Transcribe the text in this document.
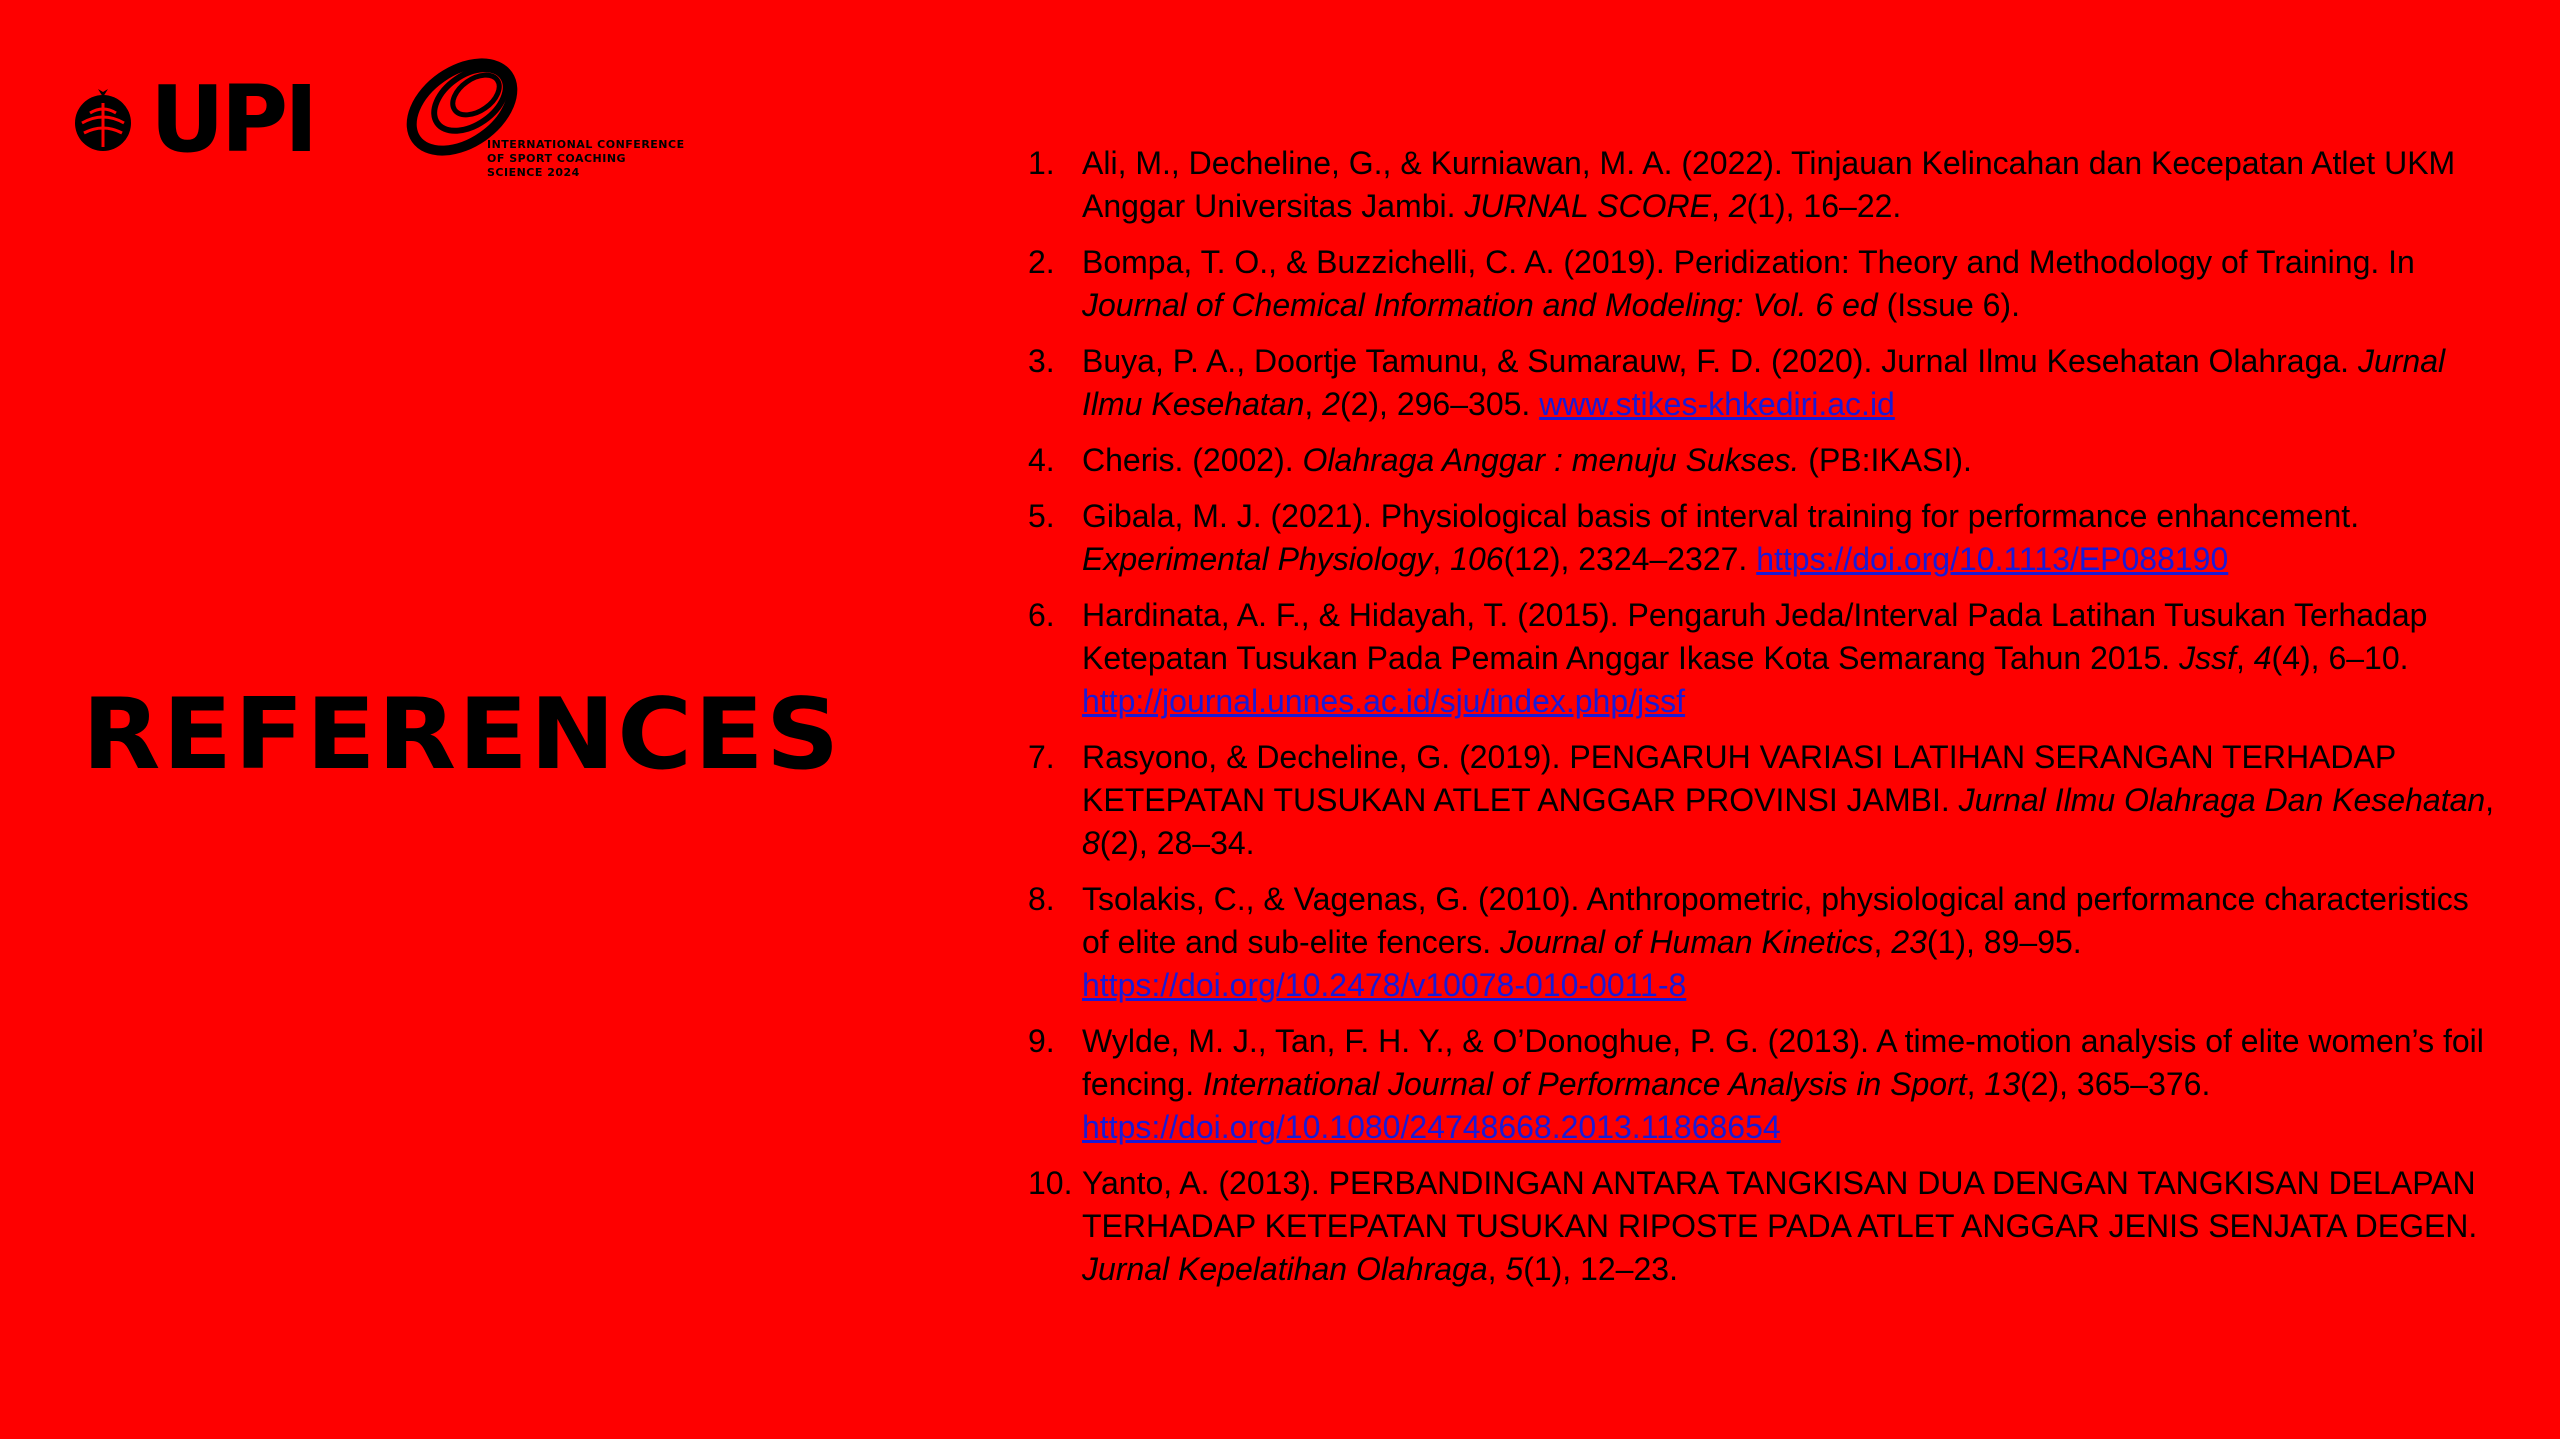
UPI	INTERNATIONAL CONFERENCE
OF SPORT COACHING
SCIENCE 2024
REFERENCES
1. Ali, M., Decheline, G., & Kurniawan, M. A. (2022). Tinjauan Kelincahan dan Kecepatan Atlet UKM Anggar Universitas Jambi. JURNAL SCORE, 2(1), 16–22.
2. Bompa, T. O., & Buzzichelli, C. A. (2019). Peridization: Theory and Methodology of Training. In Journal of Chemical Information and Modeling: Vol. 6 ed (Issue 6).
3. Buya, P. A., Doortje Tamunu, & Sumarauw, F. D. (2020). Jurnal Ilmu Kesehatan Olahraga. Jurnal Ilmu Kesehatan, 2(2), 296–305. www.stikes-khkediri.ac.id
4. Cheris. (2002). Olahraga Anggar : menuju Sukses. (PB:IKASI).
5. Gibala, M. J. (2021). Physiological basis of interval training for performance enhancement. Experimental Physiology, 106(12), 2324–2327. https://doi.org/10.1113/EP088190
6. Hardinata, A. F., & Hidayah, T. (2015). Pengaruh Jeda/Interval Pada Latihan Tusukan Terhadap Ketepatan Tusukan Pada Pemain Anggar Ikase Kota Semarang Tahun 2015. Jssf, 4(4), 6–10. http://journal.unnes.ac.id/sju/index.php/jssf
7. Rasyono, & Decheline, G. (2019). PENGARUH VARIASI LATIHAN SERANGAN TERHADAP KETEPATAN TUSUKAN ATLET ANGGAR PROVINSI JAMBI. Jurnal Ilmu Olahraga Dan Kesehatan, 8(2), 28–34.
8. Tsolakis, C., & Vagenas, G. (2010). Anthropometric, physiological and performance characteristics of elite and sub-elite fencers. Journal of Human Kinetics, 23(1), 89–95. https://doi.org/10.2478/v10078-010-0011-8
9. Wylde, M. J., Tan, F. H. Y., & O’Donoghue, P. G. (2013). A time-motion analysis of elite women’s foil fencing. International Journal of Performance Analysis in Sport, 13(2), 365–376. https://doi.org/10.1080/24748668.2013.11868654
10. Yanto, A. (2013). PERBANDINGAN ANTARA TANGKISAN DUA DENGAN TANGKISAN DELAPAN TERHADAP KETEPATAN TUSUKAN RIPOSTE PADA ATLET ANGGAR JENIS SENJATA DEGEN. Jurnal Kepelatihan Olahraga, 5(1), 12–23.
